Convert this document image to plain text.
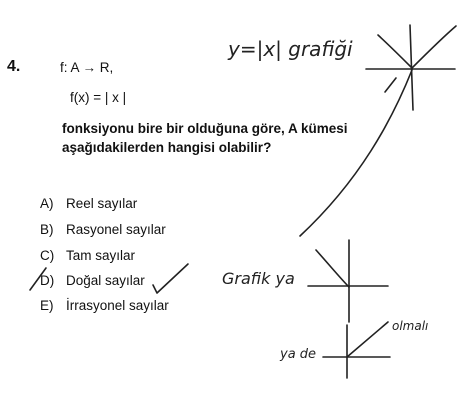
4.	f: A → R,
f(x) = | x |
fonksiyonu bire bir olduğuna göre, A kümesi aşağıdakilerden hangisi olabilir?
A) Reel sayılar
B) Rasyonel sayılar
C) Tam sayılar
D) Doğal sayılar
E) İrrasyonel sayılar
y=|x| grafiği
Grafik ya
ya de
olmalı
